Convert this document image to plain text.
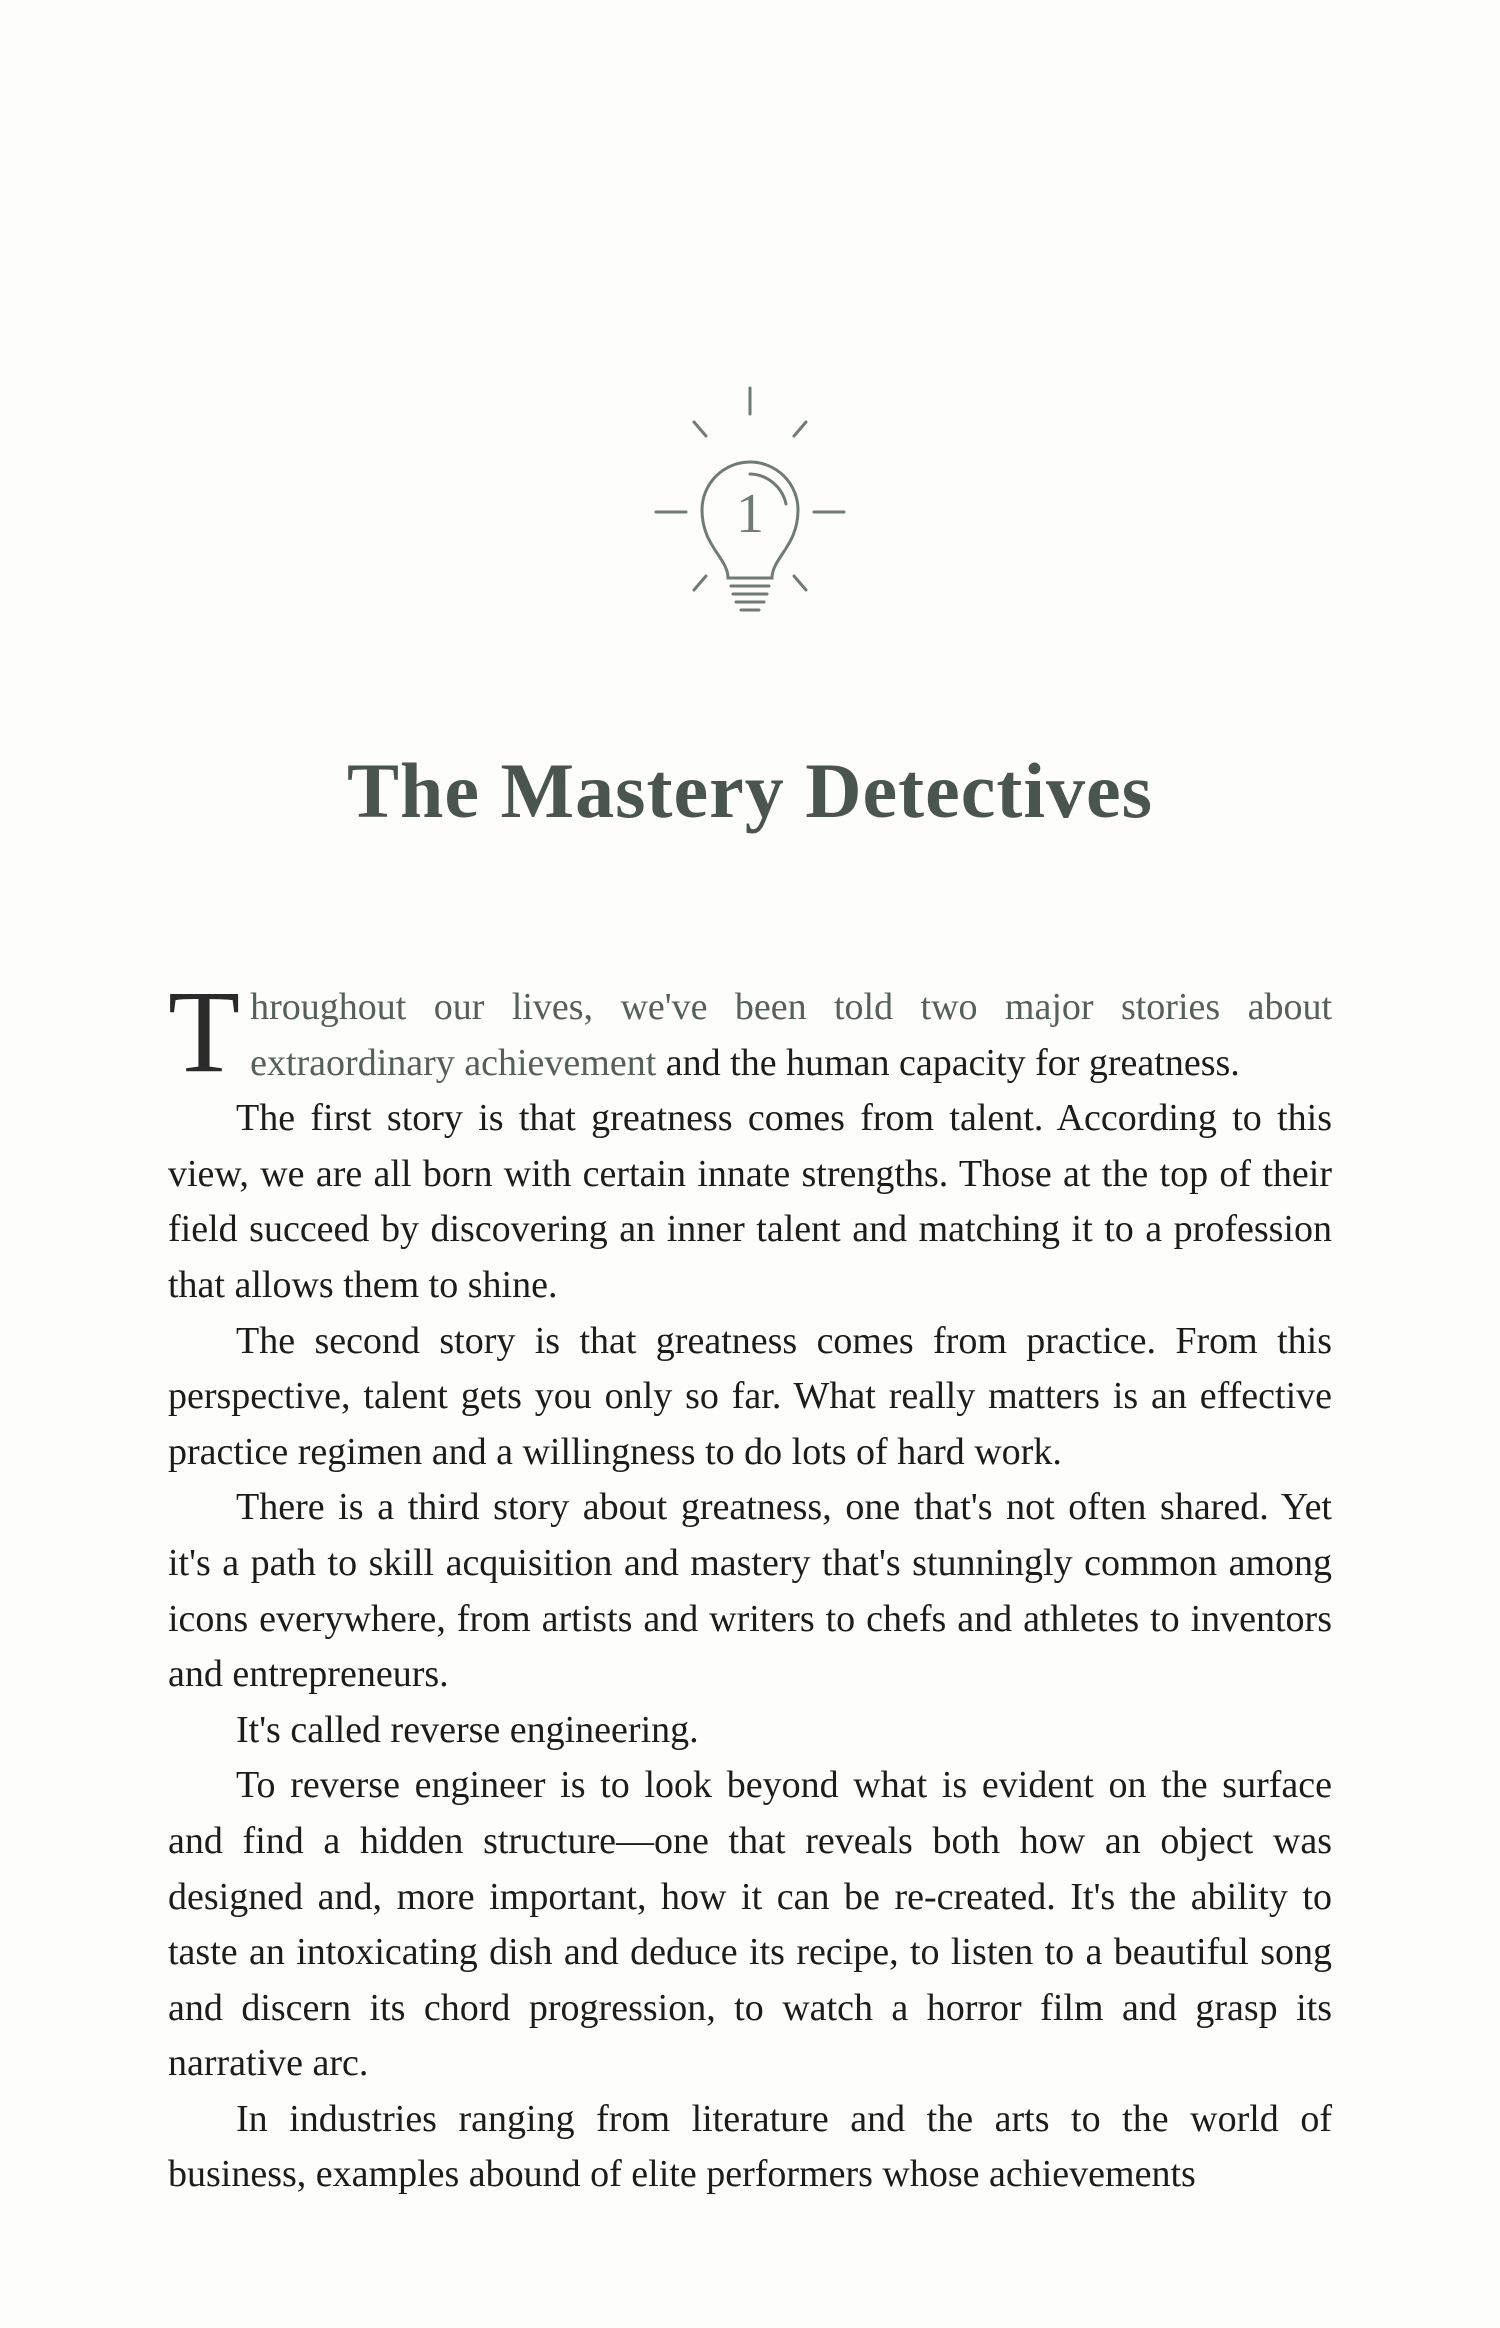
1
The Mastery Detectives

Throughout our lives, we've been told two major stories about extraordinary achievement and the human capacity for greatness.

The first story is that greatness comes from talent. According to this view, we are all born with certain innate strengths. Those at the top of their field succeed by discovering an inner talent and matching it to a profession that allows them to shine.

The second story is that greatness comes from practice. From this perspective, talent gets you only so far. What really matters is an effective practice regimen and a willingness to do lots of hard work.

There is a third story about greatness, one that's not often shared. Yet it's a path to skill acquisition and mastery that's stunningly common among icons everywhere, from artists and writers to chefs and athletes to inventors and entrepreneurs.

It's called reverse engineering.

To reverse engineer is to look beyond what is evident on the surface and find a hidden structure—one that reveals both how an object was designed and, more important, how it can be re-created. It's the ability to taste an intoxicating dish and deduce its recipe, to listen to a beautiful song and discern its chord progression, to watch a horror film and grasp its narrative arc.

In industries ranging from literature and the arts to the world of business, examples abound of elite performers whose achievements
